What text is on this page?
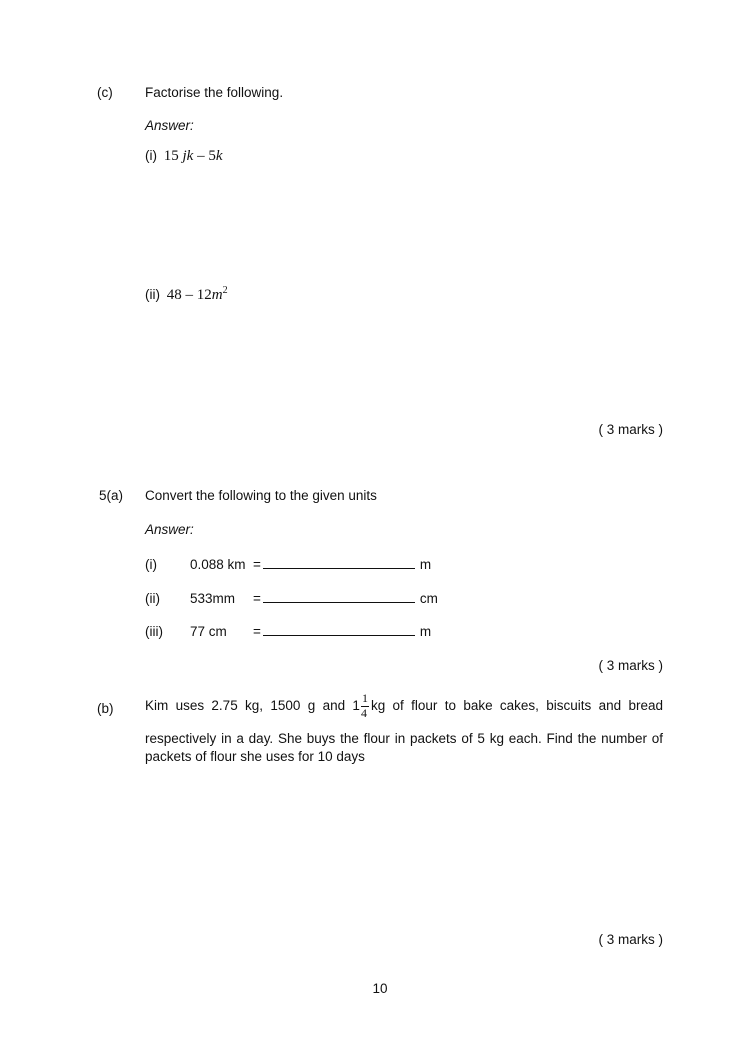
(c) Factorise the following.
Answer:
(i) 15 jk – 5k
(ii) $48 - 12m^2$
( 3 marks )
5(a) Convert the following to the given units
Answer:
(i)	0.088 km =	m
(ii)	533mm	=	cm
(iii)	77 cm	=	m
( 3 marks )
(b) Kim uses 2.75 kg, 1500 g and $1 \frac{1}{4}$ kg of flour to bake cakes, biscuits and bread
respectively in a day. She buys the flour in packets of 5 kg each. Find the number of
packets of flour she uses for 10 days
( 3 marks )
10
